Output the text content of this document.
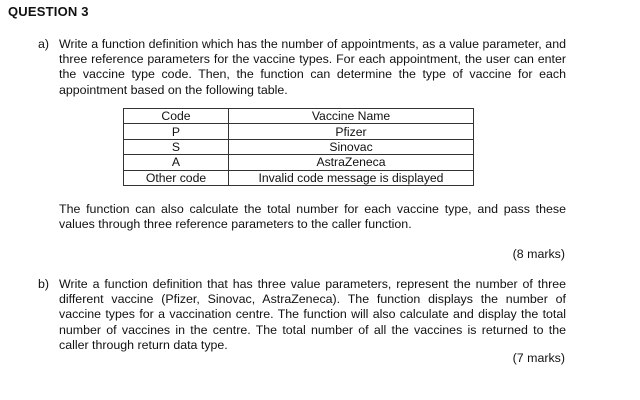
QUESTION 3
a) Write a function definition which has the number of appointments, as a value parameter, and three reference parameters for the vaccine types. For each appointment, the user can enter the vaccine type code. Then, the function can determine the type of vaccine for each appointment based on the following table.
Code	Vaccine Name
P	Pfizer
S	Sinovac
A	AstraZeneca
Other code	Invalid code message is displayed
The function can also calculate the total number for each vaccine type, and pass these values through three reference parameters to the caller function.
(8 marks)
b) Write a function definition that has three value parameters, represent the number of three different vaccine (Pfizer, Sinovac, AstraZeneca). The function displays the number of vaccine types for a vaccination centre. The function will also calculate and display the total number of vaccines in the centre. The total number of all the vaccines is returned to the caller through return data type.
(7 marks)
